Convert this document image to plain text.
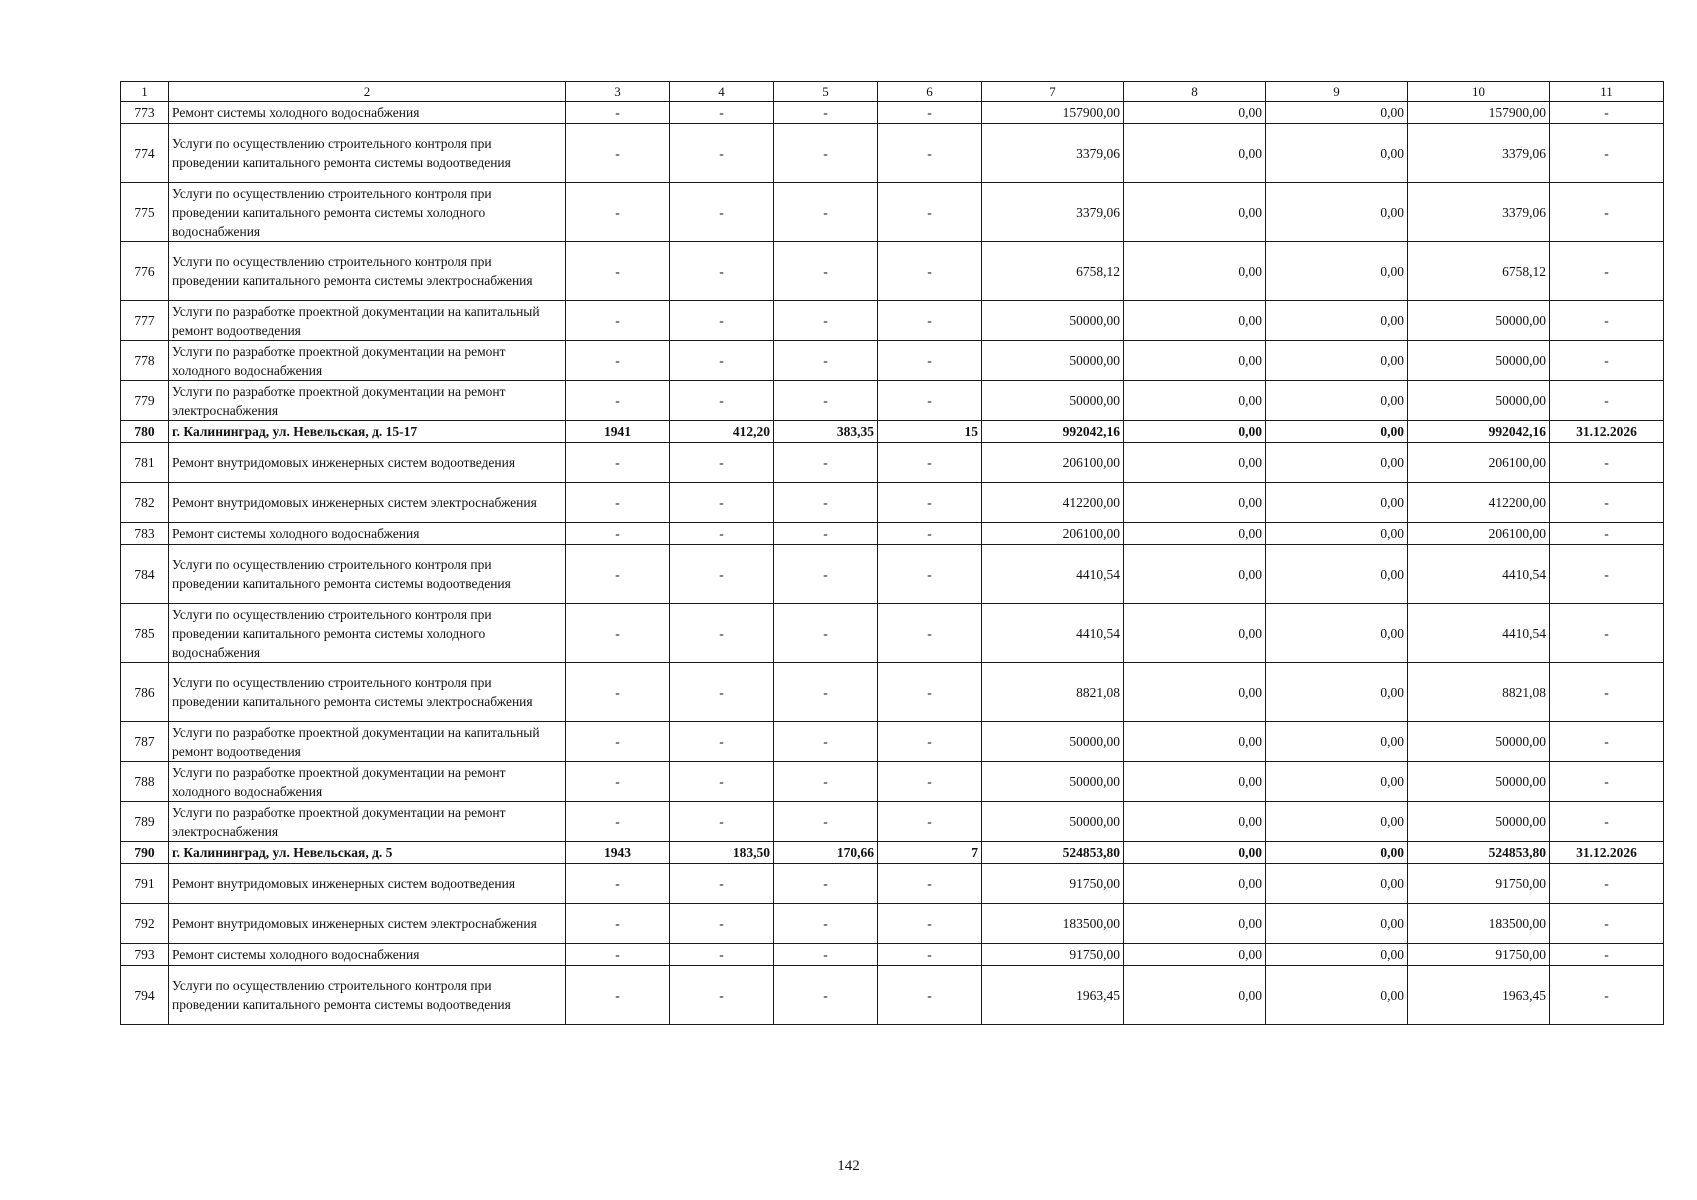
1	2	3	4	5	6	7	8	9	10	11
773	Ремонт системы холодного водоснабжения	-	-	-	-	157900,00	0,00	0,00	157900,00	-
774	Услуги по осуществлению строительного контроля при проведении капитального ремонта системы водоотведения	-	-	-	-	3379,06	0,00	0,00	3379,06	-
775	Услуги по осуществлению строительного контроля при проведении капитального ремонта системы холодного водоснабжения	-	-	-	-	3379,06	0,00	0,00	3379,06	-
776	Услуги по осуществлению строительного контроля при проведении капитального ремонта системы электроснабжения	-	-	-	-	6758,12	0,00	0,00	6758,12	-
777	Услуги по разработке проектной документации на капитальный ремонт водоотведения	-	-	-	-	50000,00	0,00	0,00	50000,00	-
778	Услуги по разработке проектной документации на ремонт холодного водоснабжения	-	-	-	-	50000,00	0,00	0,00	50000,00	-
779	Услуги по разработке проектной документации на ремонт электроснабжения	-	-	-	-	50000,00	0,00	0,00	50000,00	-
780	г. Калининград, ул. Невельская, д. 15-17	1941	412,20	383,35	15	992042,16	0,00	0,00	992042,16	31.12.2026
781	Ремонт внутридомовых инженерных систем водоотведения	-	-	-	-	206100,00	0,00	0,00	206100,00	-
782	Ремонт внутридомовых инженерных систем электроснабжения	-	-	-	-	412200,00	0,00	0,00	412200,00	-
783	Ремонт системы холодного водоснабжения	-	-	-	-	206100,00	0,00	0,00	206100,00	-
784	Услуги по осуществлению строительного контроля при проведении капитального ремонта системы водоотведения	-	-	-	-	4410,54	0,00	0,00	4410,54	-
785	Услуги по осуществлению строительного контроля при проведении капитального ремонта системы холодного водоснабжения	-	-	-	-	4410,54	0,00	0,00	4410,54	-
786	Услуги по осуществлению строительного контроля при проведении капитального ремонта системы электроснабжения	-	-	-	-	8821,08	0,00	0,00	8821,08	-
787	Услуги по разработке проектной документации на капитальный ремонт водоотведения	-	-	-	-	50000,00	0,00	0,00	50000,00	-
788	Услуги по разработке проектной документации на ремонт холодного водоснабжения	-	-	-	-	50000,00	0,00	0,00	50000,00	-
789	Услуги по разработке проектной документации на ремонт электроснабжения	-	-	-	-	50000,00	0,00	0,00	50000,00	-
790	г. Калининград, ул. Невельская, д. 5	1943	183,50	170,66	7	524853,80	0,00	0,00	524853,80	31.12.2026
791	Ремонт внутридомовых инженерных систем водоотведения	-	-	-	-	91750,00	0,00	0,00	91750,00	-
792	Ремонт внутридомовых инженерных систем электроснабжения	-	-	-	-	183500,00	0,00	0,00	183500,00	-
793	Ремонт системы холодного водоснабжения	-	-	-	-	91750,00	0,00	0,00	91750,00	-
794	Услуги по осуществлению строительного контроля при проведении капитального ремонта системы водоотведения	-	-	-	-	1963,45	0,00	0,00	1963,45	-
142
